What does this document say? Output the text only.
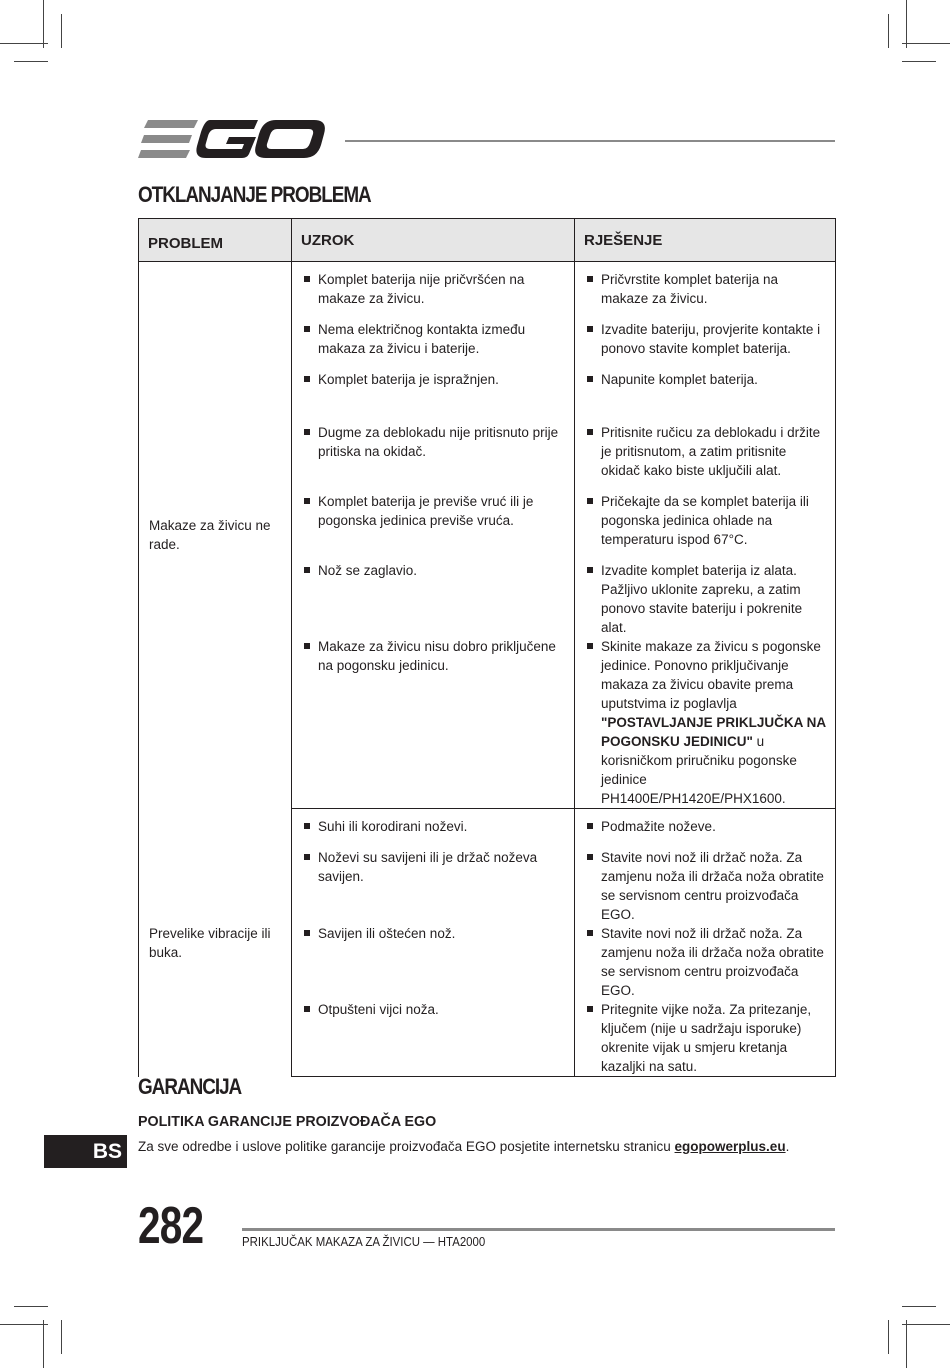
OTKLANJANJE PROBLEMA
PROBLEM	UZROK	RJEŠENJE
Makaze za živicu ne rade.	Komplet baterija nije pričvršćen na makaze za živicu.	Pričvrstite komplet baterija na makaze za živicu.

Nema električnog kontakta između makaza za živicu i baterije.	Izvadite bateriju, provjerite kontakte i ponovo stavite komplet baterija.

Komplet baterija je ispražnjen.	Napunite komplet baterija.

Dugme za deblokadu nije pritisnuto prije pritiska na okidač.	Pritisnite ručicu za deblokadu i držite je pritisnutom, a zatim pritisnite okidač kako biste uključili alat.

Komplet baterija je previše vruć ili je pogonska jedinica previše vruća.	Pričekajte da se komplet baterija ili pogonska jedinica ohlade na temperaturu ispod 67°C.

Nož se zaglavio.	Izvadite komplet baterija iz alata. Pažljivo uklonite zapreku, a zatim ponovo stavite bateriju i pokrenite alat.

Makaze za živicu nisu dobro priključene na pogonsku jedinicu.	Skinite makaze za živicu s pogonske jedinice. Ponovno priključivanje makaza za živicu obavite prema uputstvima iz poglavlja "POSTAVLJANJE PRIKLJUČKA NA POGONSKU JEDINICU" u korisničkom priručniku pogonske jedinice PH1400E/PH1420E/PHX1600.

Prevelike vibracije ili buka.	Suhi ili korodirani noževi.	Podmažite noževe.

Noževi su savijeni ili je držač noževa savijen.	Stavite novi nož ili držač noža. Za zamjenu noža ili držača noža obratite se servisnom centru proizvođača EGO.

Savijen ili oštećen nož.	Stavite novi nož ili držač noža. Za zamjenu noža ili držača noža obratite se servisnom centru proizvođača EGO.

Otpušteni vijci noža.	Pritegnite vijke noža. Za pritezanje, ključem (nije u sadržaju isporuke) okrenite vijak u smjeru kretanja kazaljki na satu.
GARANCIJA
POLITIKA GARANCIJE PROIZVOĐAČA EGO
Za sve odredbe i uslove politike garancije proizvođača EGO posjetite internetsku stranicu egopowerplus.eu.
BS
282	PRIKLJUČAK MAKAZA ZA ŽIVICU — HTA2000
